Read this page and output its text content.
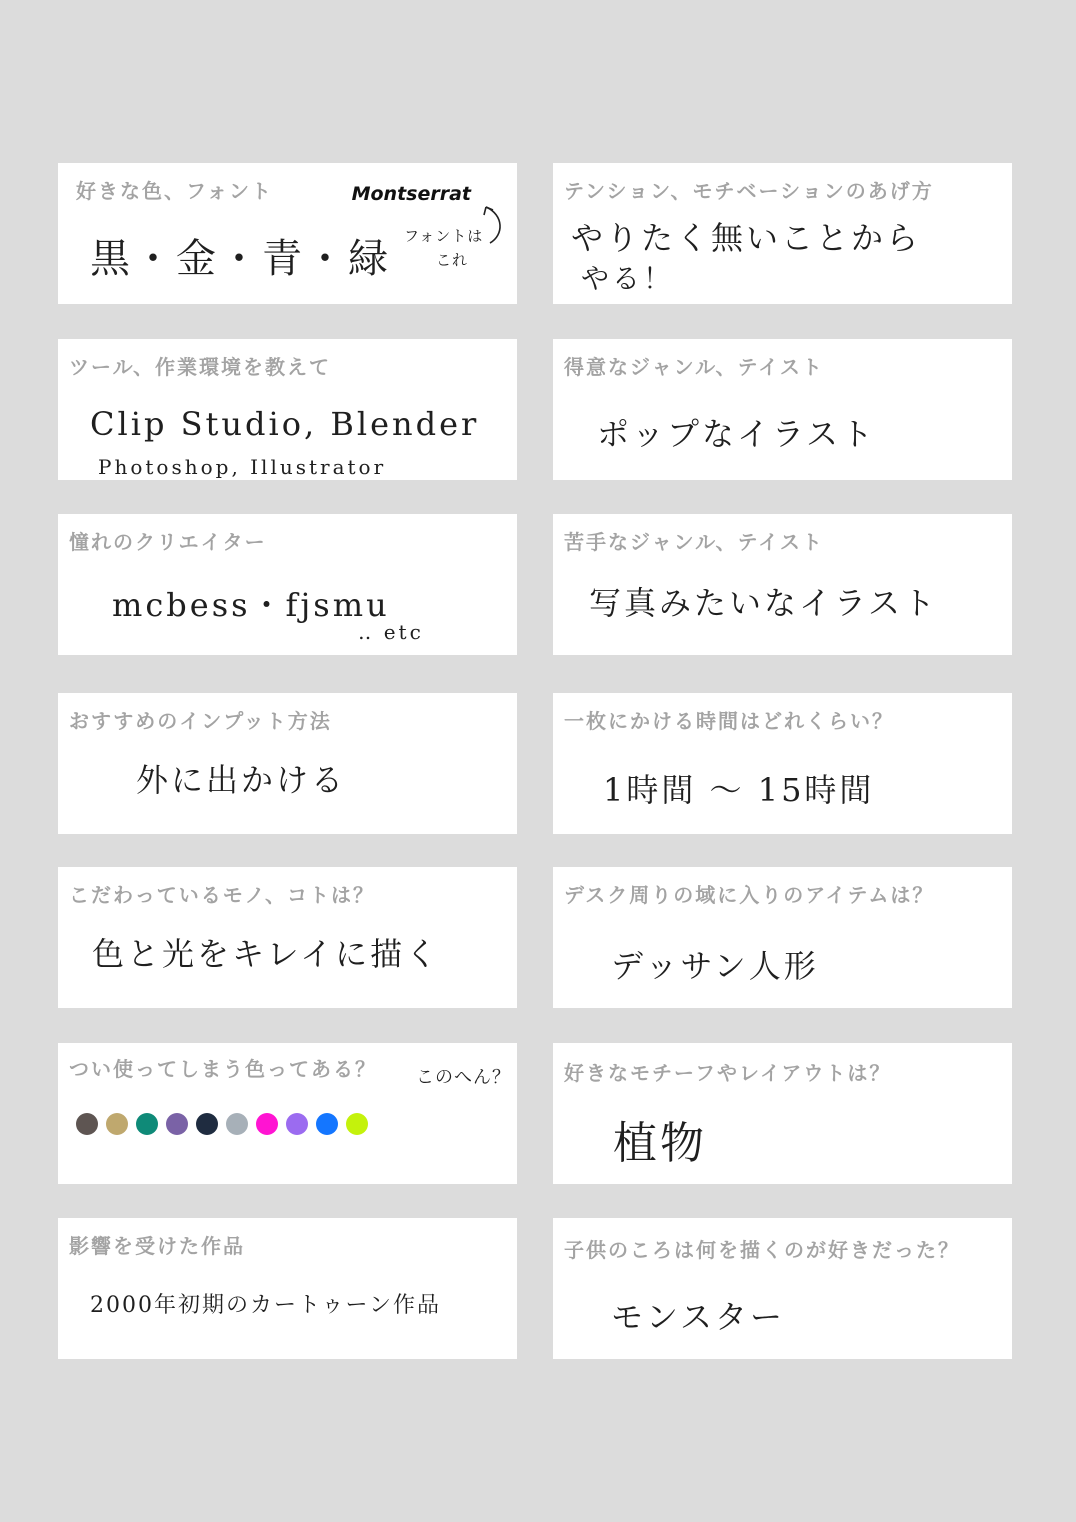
好きな色、フォント
黒・金・青・緑
Montserrat
フォントは
これ
テンション、モチベーションのあげ方
やりたく無いことから
やる！
ツール、作業環境を教えて
Clip Studio, Blender
Photoshop, Illustrator
得意なジャンル、テイスト
ポップなイラスト
憧れのクリエイター
mcbess・fjsmu
‥ etc
苦手なジャンル、テイスト
写真みたいなイラスト
おすすめのインプット方法
外に出かける
一枚にかける時間はどれくらい？
1時間 〜 15時間
こだわっているモノ、コトは？
色と光をキレイに描く
デスク周りの域に入りのアイテムは？
デッサン人形
つい使ってしまう色ってある？ このへん？	好きなモチーフやレイアウトは？
植物
影響を受けた作品
2000年初期のカートゥーン作品
子供のころは何を描くのが好きだった？
モンスター
